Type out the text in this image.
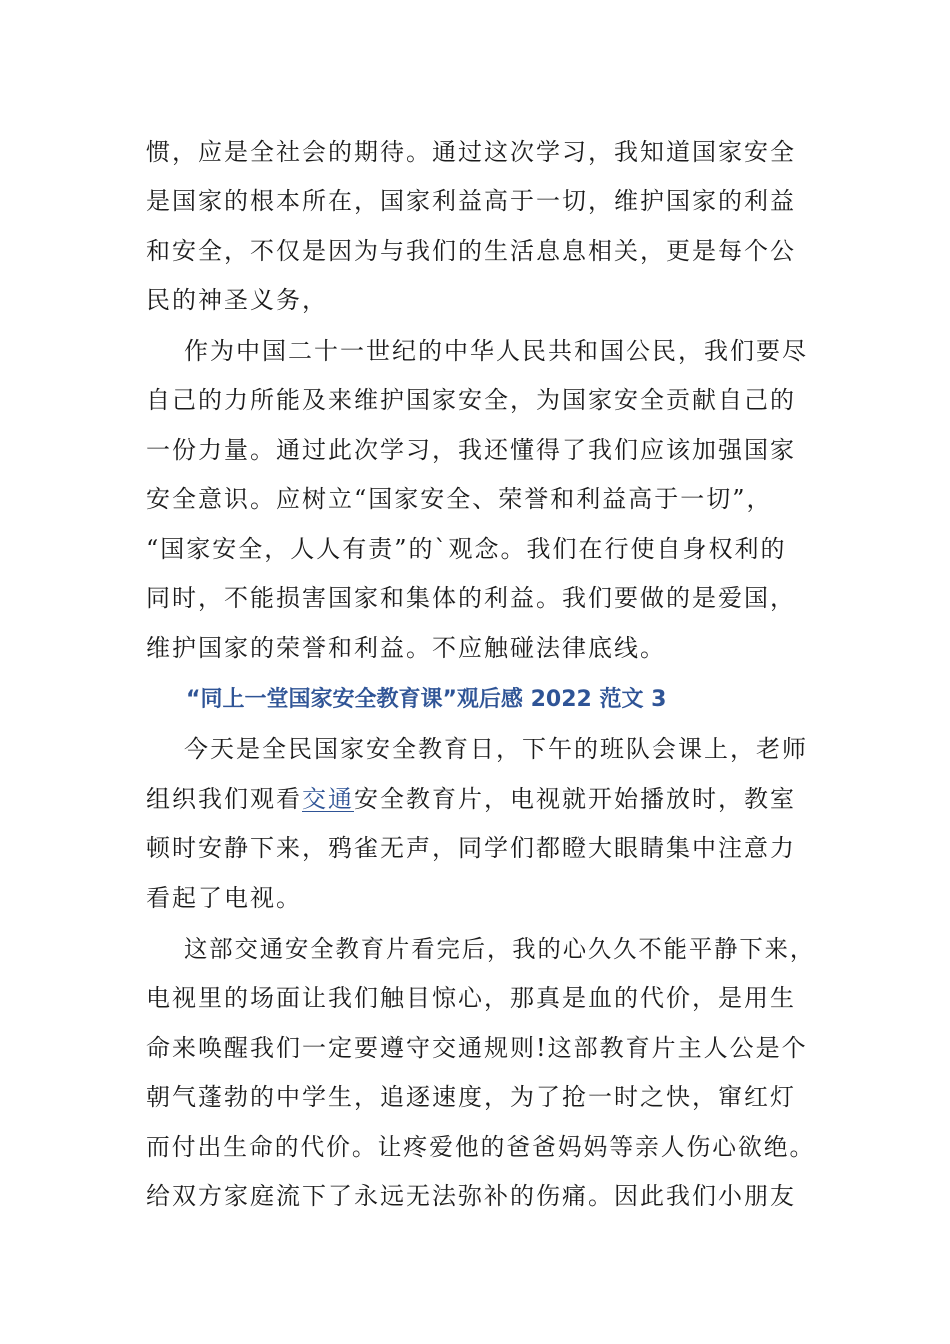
惯，应是全社会的期待。通过这次学习，我知道国家安全
是国家的根本所在，国家利益高于一切，维护国家的利益
和安全，不仅是因为与我们的生活息息相关，更是每个公
民的神圣义务，
作为中国二十一世纪的中华人民共和国公民，我们要尽
自己的力所能及来维护国家安全，为国家安全贡献自己的
一份力量。通过此次学习，我还懂得了我们应该加强国家
安全意识。应树立“国家安全、荣誉和利益高于一切”，
“国家安全，人人有责”的`观念。我们在行使自身权利的
同时，不能损害国家和集体的利益。我们要做的是爱国，
维护国家的荣誉和利益。不应触碰法律底线。
“同上一堂国家安全教育课”观后感 2022 范文 3
今天是全民国家安全教育日，下午的班队会课上，老师
组织我们观看交通安全教育片，电视就开始播放时，教室
顿时安静下来，鸦雀无声，同学们都瞪大眼睛集中注意力
看起了电视。
这部交通安全教育片看完后，我的心久久不能平静下来，
电视里的场面让我们触目惊心，那真是血的代价，是用生
命来唤醒我们一定要遵守交通规则!这部教育片主人公是个
朝气蓬勃的中学生，追逐速度，为了抢一时之快，窜红灯
而付出生命的代价。让疼爱他的爸爸妈妈等亲人伤心欲绝。
给双方家庭流下了永远无法弥补的伤痛。因此我们小朋友
